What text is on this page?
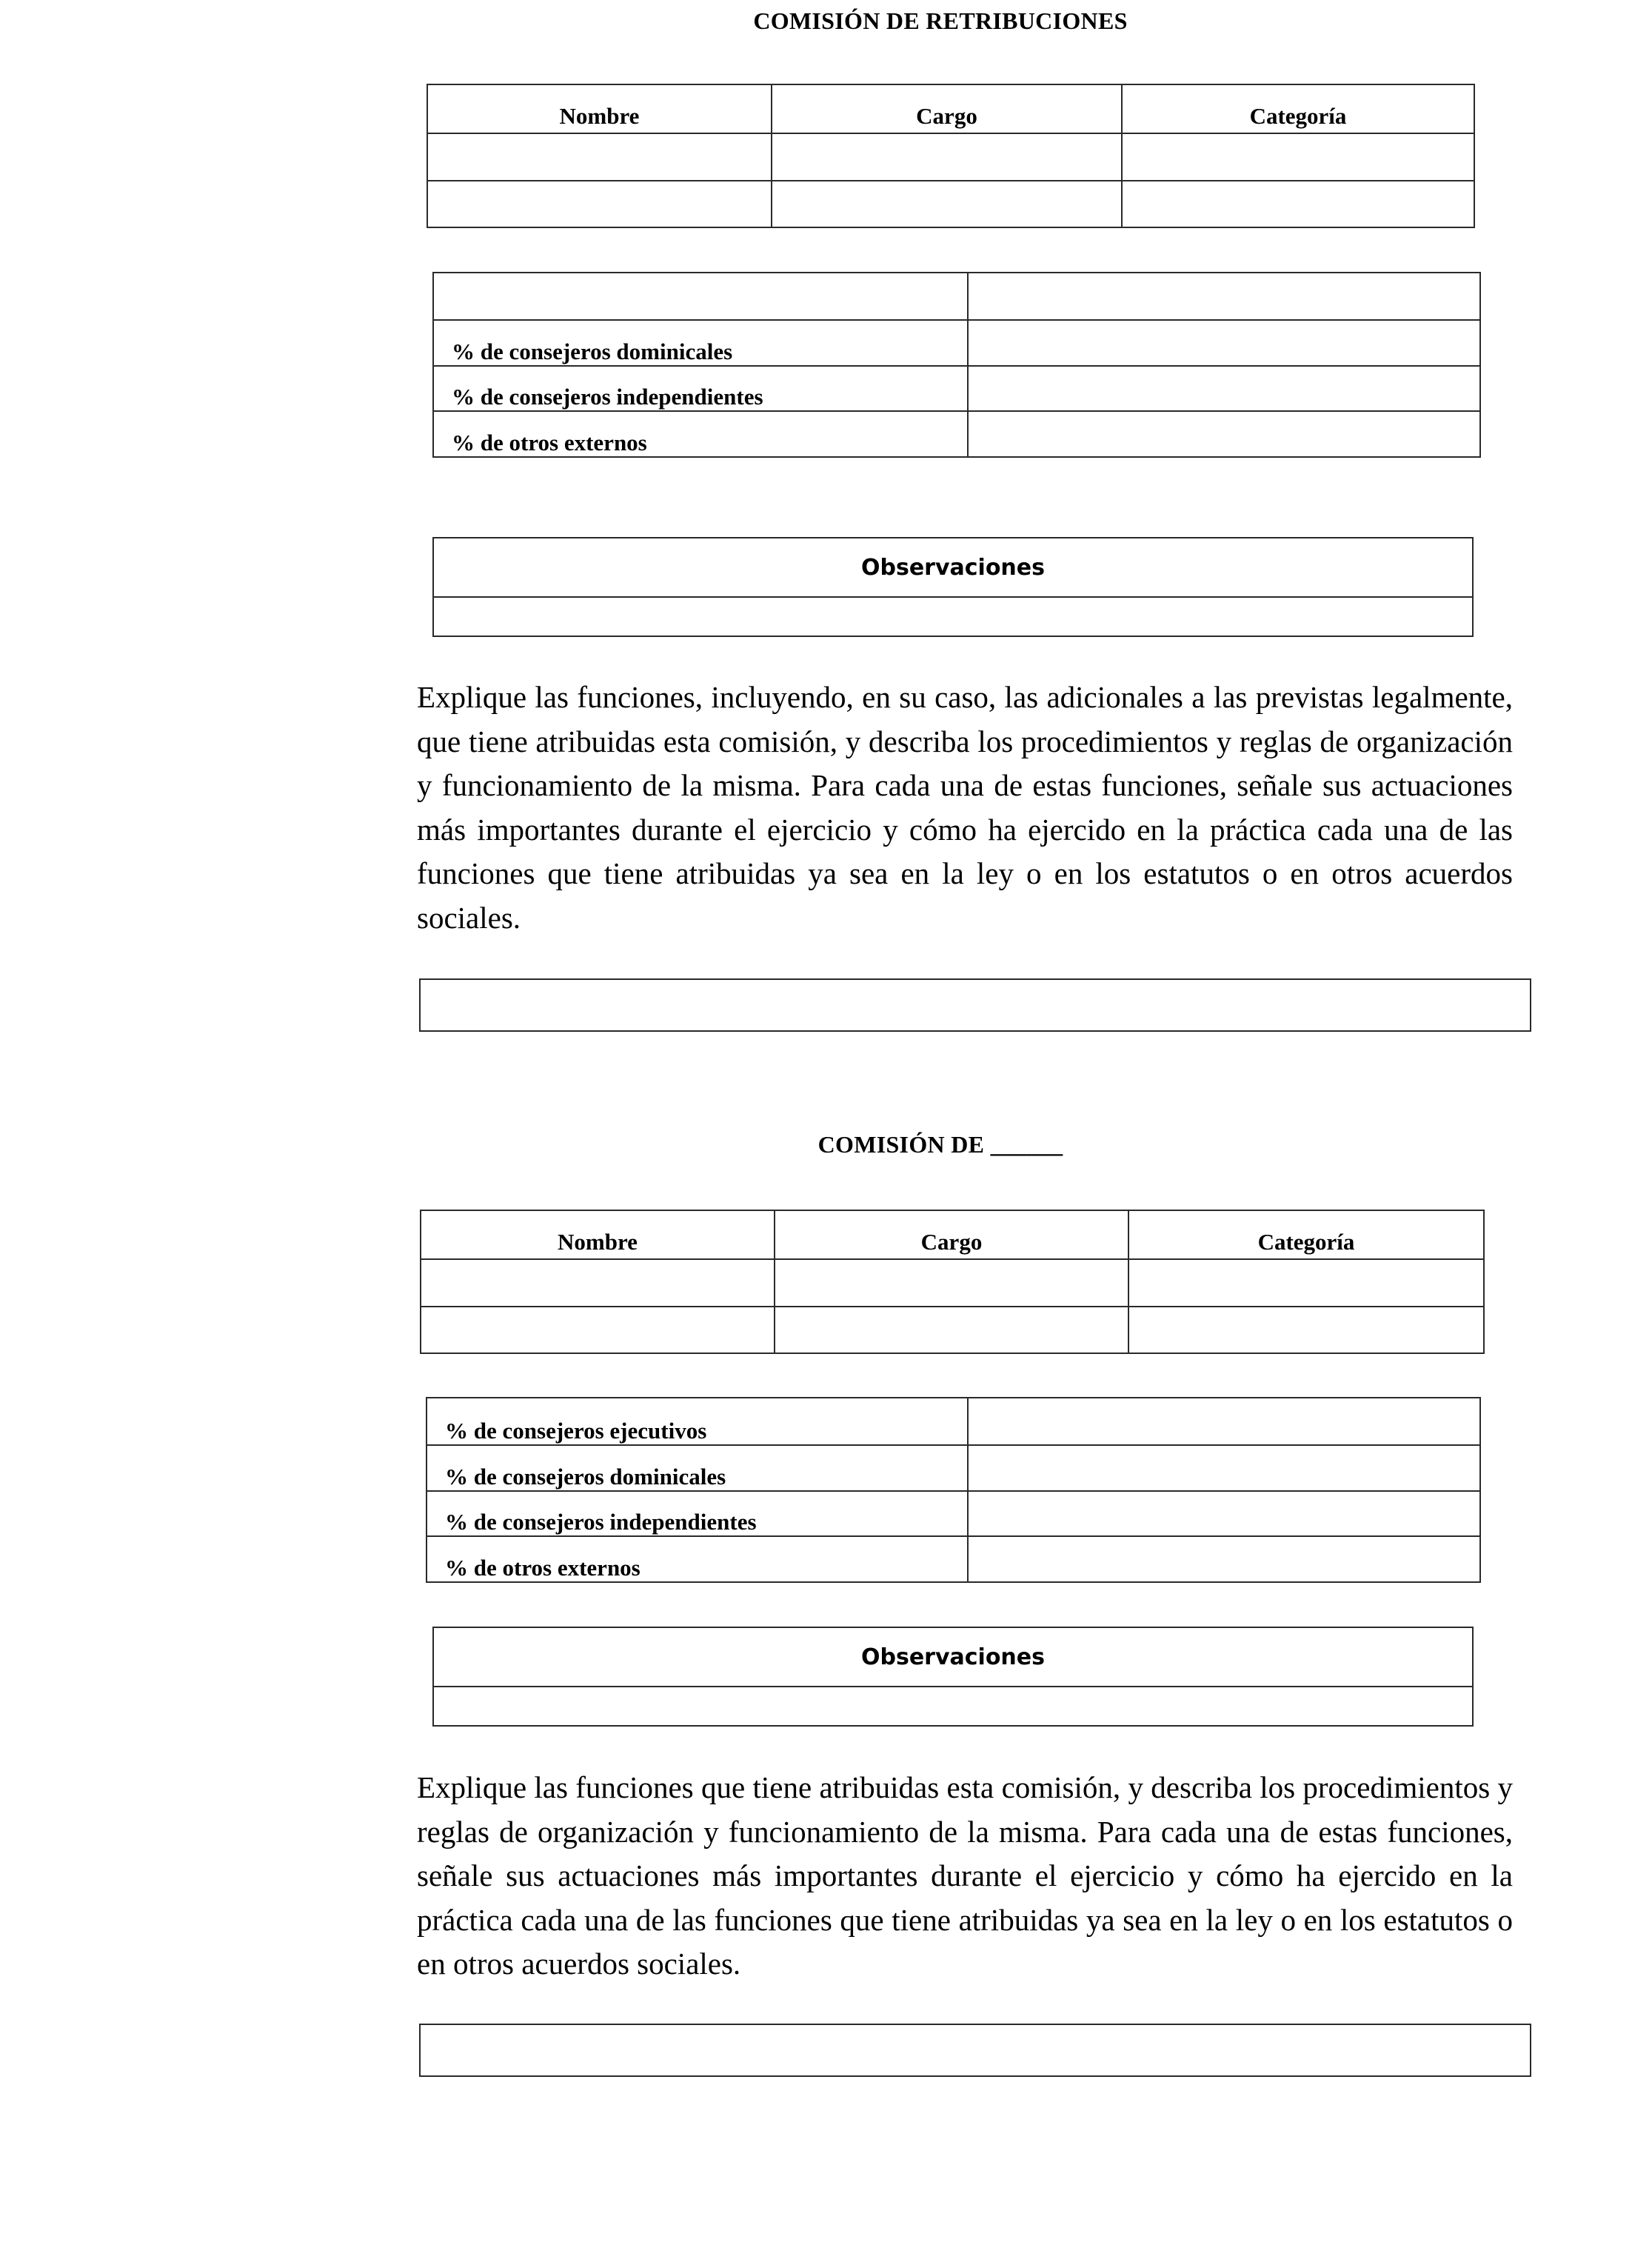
COMISIÓN DE RETRIBUCIONES
Nombre	Cargo	Categoría

% de consejeros dominicales	
% de consejeros independientes	
% de otros externos	
Observaciones

Explique las funciones, incluyendo, en su caso, las adicionales a las previstas legalmente, que tiene atribuidas esta comisión, y describa los procedimientos y reglas de organización y funcionamiento de la misma. Para cada una de estas funciones, señale sus actuaciones más importantes durante el ejercicio y cómo ha ejercido en la práctica cada una de las funciones que tiene atribuidas ya sea en la ley o en los estatutos o en otros acuerdos sociales.
COMISIÓN DE ______
Nombre	Cargo	Categoría

% de consejeros ejecutivos	
% de consejeros dominicales	
% de consejeros independientes	
% de otros externos	
Observaciones

Explique las funciones que tiene atribuidas esta comisión, y describa los procedimientos y reglas de organización y funcionamiento de la misma. Para cada una de estas funciones, señale sus actuaciones más importantes durante el ejercicio y cómo ha ejercido en la práctica cada una de las funciones que tiene atribuidas ya sea en la ley o en los estatutos o en otros acuerdos sociales.
